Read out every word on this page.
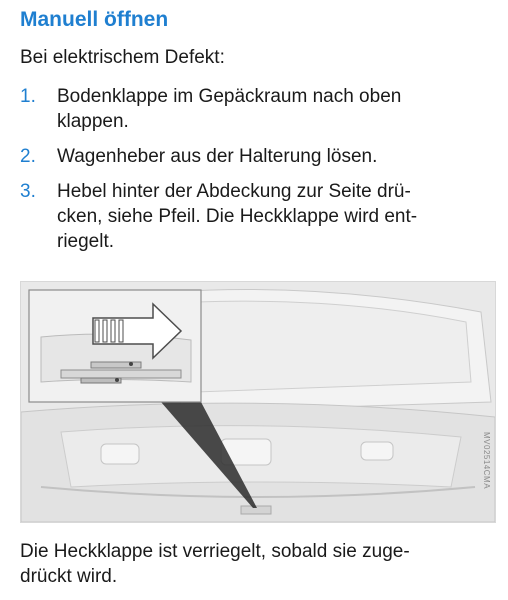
Manuell öffnen

Bei elektrischem Defekt:

1. Bodenklappe im Gepäckraum nach oben
klappen.
2. Wagenheber aus der Halterung lösen.
3. Hebel hinter der Abdeckung zur Seite drü-
cken, siehe Pfeil. Die Heckklappe wird ent-
riegelt.
MV02514CMA

Die Heckklappe ist verriegelt, sobald sie zuge-
drückt wird.
